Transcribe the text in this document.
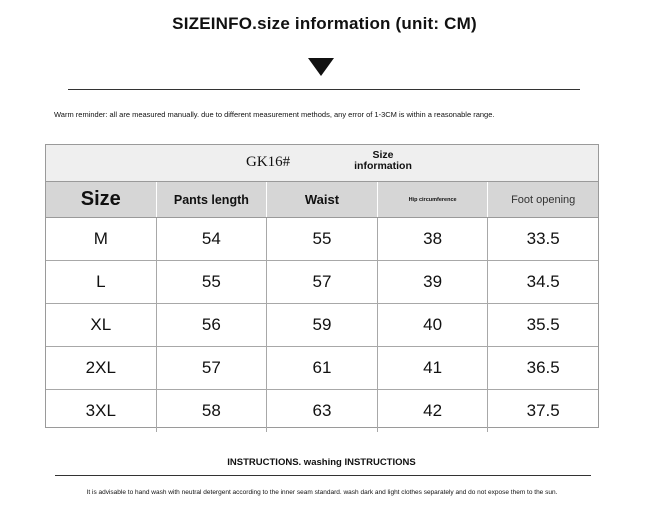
SIZEINFO.size information (unit: CM)
Warm reminder: all are measured manually. due to different measurement methods, any error of 1-3CM is within a reasonable range.
GK16#	Size information
Size	Pants length	Waist	Hip circumference	Foot opening
M	54	55	38	33.5
L	55	57	39	34.5
XL	56	59	40	35.5
2XL	57	61	41	36.5
3XL	58	63	42	37.5
INSTRUCTIONS. washing INSTRUCTIONS
It is advisable to hand wash with neutral detergent according to the inner seam standard. wash dark and light clothes separately and do not expose them to the sun.
